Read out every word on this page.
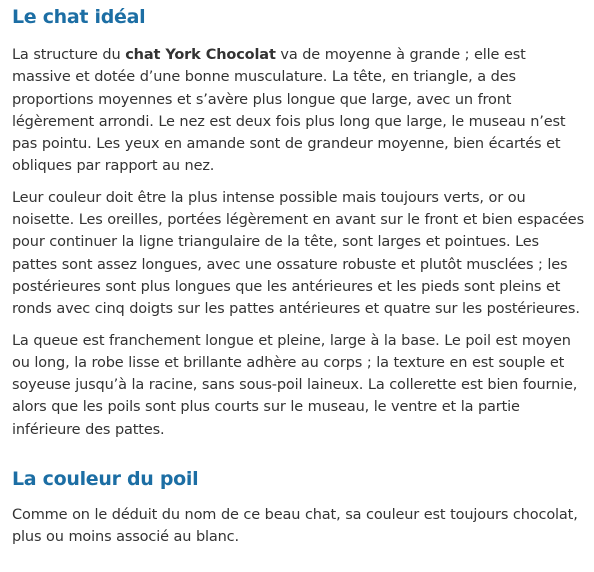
Le chat idéal

La structure du chat York Chocolat va de moyenne à grande ; elle est massive et dotée d’une bonne musculature. La tête, en triangle, a des proportions moyennes et s’avère plus longue que large, avec un front légèrement arrondi. Le nez est deux fois plus long que large, le museau n’est pas pointu. Les yeux en amande sont de grandeur moyenne, bien écartés et obliques par rapport au nez.

Leur couleur doit être la plus intense possible mais toujours verts, or ou noisette. Les oreilles, portées légèrement en avant sur le front et bien espacées pour continuer la ligne triangulaire de la tête, sont larges et pointues. Les pattes sont assez longues, avec une ossature robuste et plutôt musclées ; les postérieures sont plus longues que les antérieures et les pieds sont pleins et ronds avec cinq doigts sur les pattes antérieures et quatre sur les postérieures.

La queue est franchement longue et pleine, large à la base. Le poil est moyen ou long, la robe lisse et brillante adhère au corps ; la texture en est souple et soyeuse jusqu’à la racine, sans sous-poil laineux. La collerette est bien fournie, alors que les poils sont plus courts sur le museau, le ventre et la partie inférieure des pattes.

La couleur du poil

Comme on le déduit du nom de ce beau chat, sa couleur est toujours chocolat, plus ou moins associé au blanc.
